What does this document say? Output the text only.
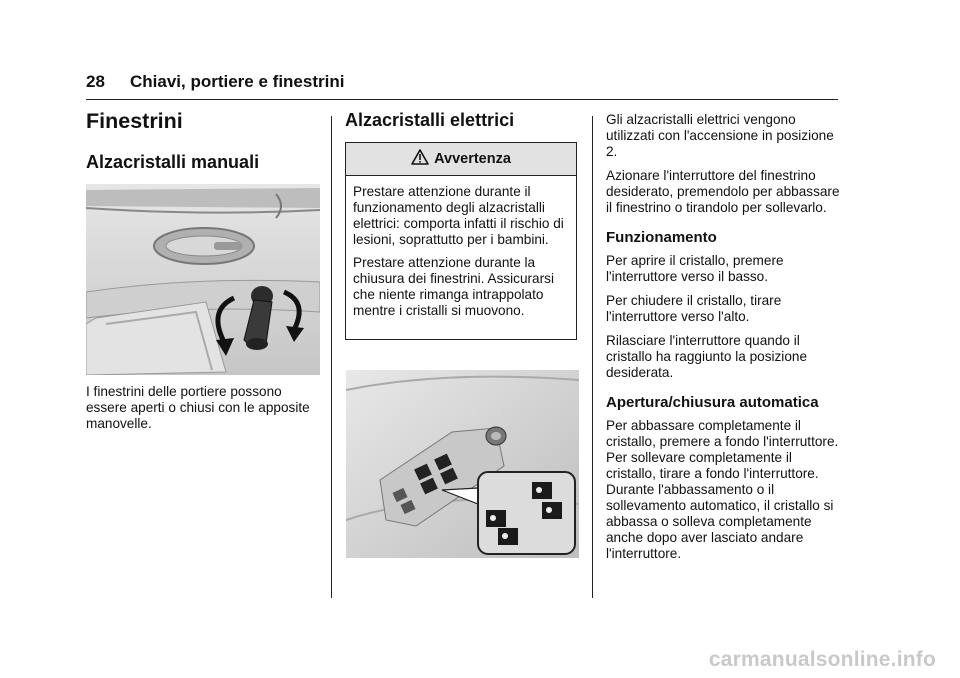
28 Chiavi, portiere e finestrini
Finestrini
Alzacristalli manuali

I finestrini delle portiere possono essere aperti o chiusi con le apposite manovelle.

Alzacristalli elettrici
Avvertenza

Prestare attenzione durante il funzionamento degli alzacristalli elettrici: comporta infatti il rischio di lesioni, soprattutto per i bambini.

Prestare attenzione durante la chiusura dei finestrini. Assicurarsi che niente rimanga intrappolato mentre i cristalli si muovono.

Gli alzacristalli elettrici vengono utilizzati con l'accensione in posizione 2.

Azionare l'interruttore del finestrino desiderato, premendolo per abbassare il finestrino o tirandolo per sollevarlo.

Funzionamento

Per aprire il cristallo, premere l'interruttore verso il basso.

Per chiudere il cristallo, tirare l'interruttore verso l'alto.

Rilasciare l'interruttore quando il cristallo ha raggiunto la posizione desiderata.

Apertura/chiusura automatica

Per abbassare completamente il cristallo, premere a fondo l'interruttore. Per sollevare completamente il cristallo, tirare a fondo l'interruttore. Durante l'abbassamento o il sollevamento automatico, il cristallo si abbassa o solleva completamente anche dopo aver lasciato andare l'interruttore.

carmanualsonline.info
